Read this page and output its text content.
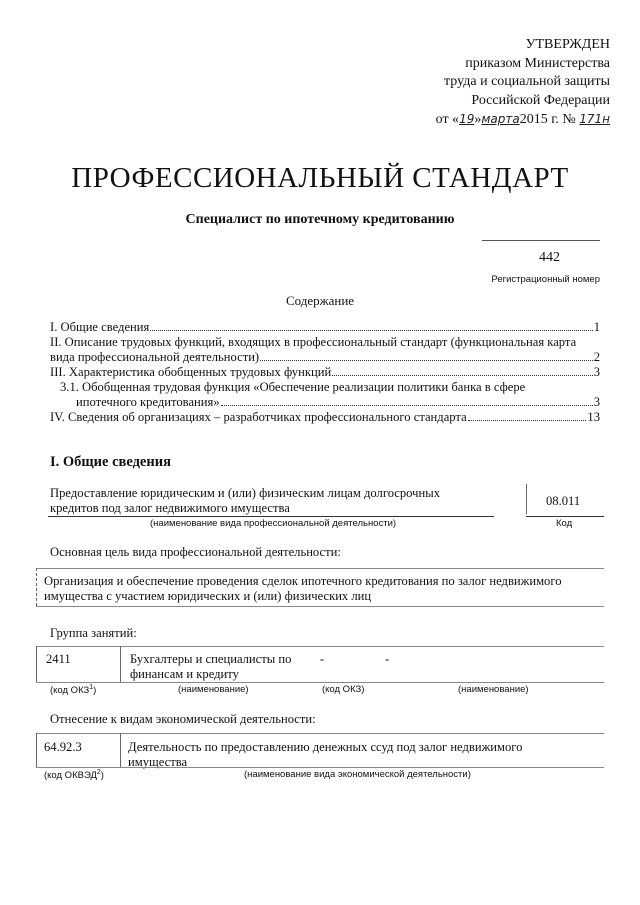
УТВЕРЖДЕН
приказом Министерства
труда и социальной защиты
Российской Федерации
от «19»марта2015 г. № 171н
ПРОФЕССИОНАЛЬНЫЙ СТАНДАРТ
Специалист по ипотечному кредитованию
442
Регистрационный номер
Содержание
I. Общие сведения	1
II. Описание трудовых функций, входящих в профессиональный стандарт (функциональная карта
вида профессиональной деятельности)	2
III. Характеристика обобщенных трудовых функций	3
3.1. Обобщенная трудовая функция «Обеспечение реализации политики банка в сфере
ипотечного кредитования»	3
IV. Сведения об организациях – разработчиках профессионального стандарта	13
I. Общие сведения
Предоставление юридическим и (или) физическим лицам долгосрочных
кредитов под залог недвижимого имущества	08.011
(наименование вида профессиональной деятельности)	Код
Основная цель вида профессиональной деятельности:
Организация и обеспечение проведения сделок ипотечного кредитования по залог недвижимого
имущества с участием юридических и (или) физических лиц
Группа занятий:
2411	Бухгалтеры и специалисты по
финансам и кредиту
-	-
(код ОКЗ$^1$)	(наименование)	(код ОКЗ)	(наименование)
Отнесение к видам экономической деятельности:
64.92.3	Деятельность по предоставлению денежных ссуд под залог недвижимого
имущества
(код ОКВЭД$^2$)	(наименование вида экономической деятельности)
